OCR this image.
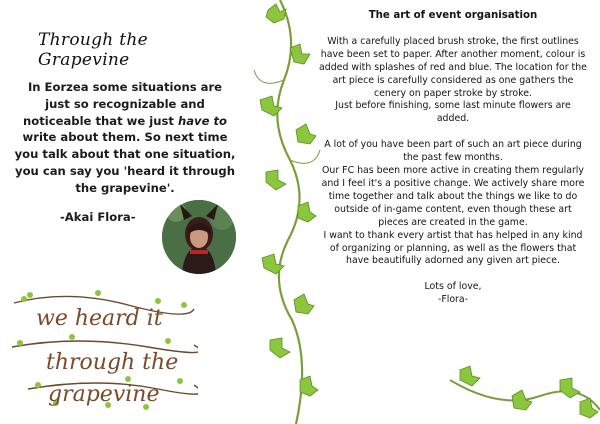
Through the Grapevine
In Eorzea some situations are just so recognizable and noticeable that we just have to write about them. So next time you talk about that one situation, you can say you 'heard it through the grapevine'.
-Akai Flora-
we heard it
through the
grapevine
The art of event organisation

With a carefully placed brush stroke, the first outlines have been set to paper. After another moment, colour is added with splashes of red and blue. The location for the art piece is carefully considered as one gathers the cenery on paper stroke by stroke.

Just before finishing, some last minute flowers are added.

A lot of you have been part of such an art piece during the past few months.

Our FC has been more active in creating them regularly and I feel it's a positive change. We actively share more time together and talk about the things we like to do outside of in-game content, even though these art pieces are created in the game.

I want to thank every artist that has helped in any kind of organizing or planning, as well as the flowers that have beautifully adorned any given art piece.

Lots of love,

-Flora-
